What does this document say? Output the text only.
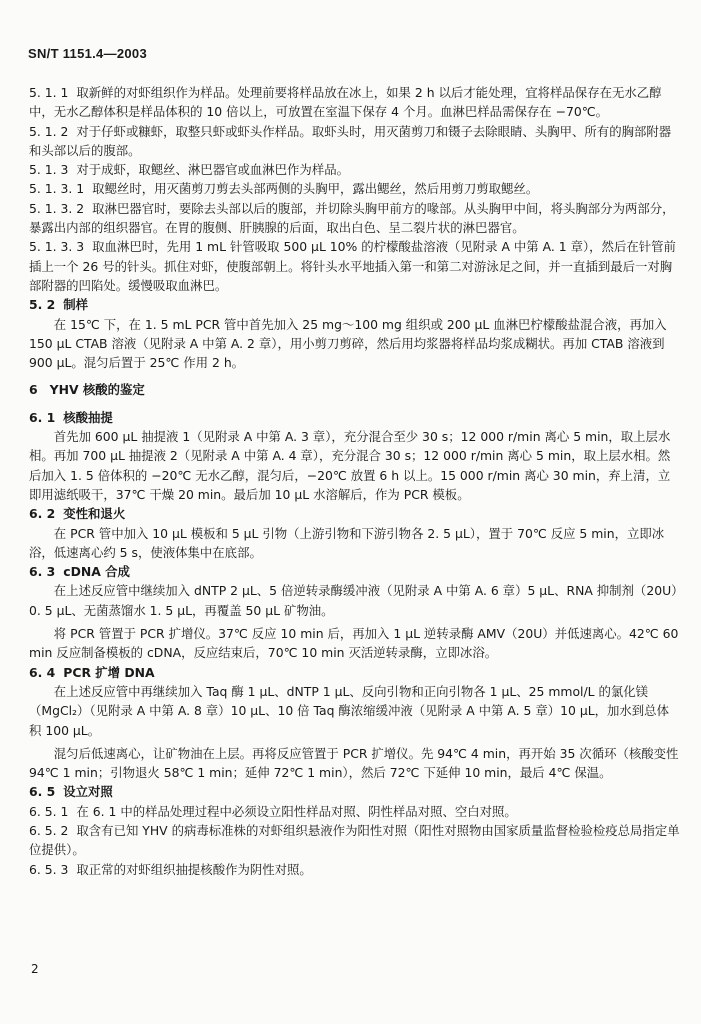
SN/T 1151.4—2003

5. 1. 1 取新鲜的对虾组织作为样品。处理前要将样品放在冰上，如果 2 h 以后才能处理，宜将样品保存在无水乙醇中，无水乙醇体积是样品体积的 10 倍以上，可放置在室温下保存 4 个月。血淋巴样品需保存在 −70℃。

5. 1. 2 对于仔虾或糠虾，取整只虾或虾头作样品。取虾头时，用灭菌剪刀和镊子去除眼睛、头胸甲、所有的胸部附器和头部以后的腹部。

5. 1. 3 对于成虾，取鳃丝、淋巴器官或血淋巴作为样品。

5. 1. 3. 1 取鳃丝时，用灭菌剪刀剪去头部两侧的头胸甲，露出鳃丝，然后用剪刀剪取鳃丝。

5. 1. 3. 2 取淋巴器官时，要除去头部以后的腹部，并切除头胸甲前方的喙部。从头胸甲中间，将头胸部分为两部分，暴露出内部的组织器官。在胃的腹侧、肝胰腺的后面，取出白色、呈二裂片状的淋巴器官。

5. 1. 3. 3 取血淋巴时，先用 1 mL 针管吸取 500 µL 10% 的柠檬酸盐溶液（见附录 A 中第 A. 1 章），然后在针管前插上一个 26 号的针头。抓住对虾，使腹部朝上。将针头水平地插入第一和第二对游泳足之间，并一直插到最后一对胸部附器的凹陷处。缓慢吸取血淋巴。

5. 2 制样

在 15℃ 下，在 1. 5 mL PCR 管中首先加入 25 mg～100 mg 组织或 200 µL 血淋巴柠檬酸盐混合液，再加入 150 µL CTAB 溶液（见附录 A 中第 A. 2 章），用小剪刀剪碎，然后用均浆器将样品均浆成糊状。再加 CTAB 溶液到 900 µL。混匀后置于 25℃ 作用 2 h。

6 YHV 核酸的鉴定

6. 1 核酸抽提

首先加 600 µL 抽提液 1（见附录 A 中第 A. 3 章），充分混合至少 30 s；12 000 r/min 离心 5 min，取上层水相。再加 700 µL 抽提液 2（见附录 A 中第 A. 4 章），充分混合 30 s；12 000 r/min 离心 5 min，取上层水相。然后加入 1. 5 倍体积的 −20℃ 无水乙醇，混匀后，−20℃ 放置 6 h 以上。15 000 r/min 离心 30 min，弃上清，立即用滤纸吸干，37℃ 干燥 20 min。最后加 10 µL 水溶解后，作为 PCR 模板。

6. 2 变性和退火

在 PCR 管中加入 10 µL 模板和 5 µL 引物（上游引物和下游引物各 2. 5 µL），置于 70℃ 反应 5 min，立即冰浴，低速离心约 5 s，使液体集中在底部。

6. 3 cDNA 合成

在上述反应管中继续加入 dNTP 2 µL、5 倍逆转录酶缓冲液（见附录 A 中第 A. 6 章）5 µL、RNA 抑制剂（20U）0. 5 µL、无菌蒸馏水 1. 5 µL，再覆盖 50 µL 矿物油。

将 PCR 管置于 PCR 扩增仪。37℃ 反应 10 min 后，再加入 1 µL 逆转录酶 AMV（20U）并低速离心。42℃ 60 min 反应制备模板的 cDNA，反应结束后，70℃ 10 min 灭活逆转录酶，立即冰浴。

6. 4 PCR 扩增 DNA

在上述反应管中再继续加入 Taq 酶 1 µL、dNTP 1 µL、反向引物和正向引物各 1 µL、25 mmol/L 的氯化镁（MgCl₂）（见附录 A 中第 A. 8 章）10 µL、10 倍 Taq 酶浓缩缓冲液（见附录 A 中第 A. 5 章）10 µL，加水到总体积 100 µL。

混匀后低速离心，让矿物油在上层。再将反应管置于 PCR 扩增仪。先 94℃ 4 min，再开始 35 次循环（核酸变性 94℃ 1 min；引物退火 58℃ 1 min；延伸 72℃ 1 min），然后 72℃ 下延伸 10 min，最后 4℃ 保温。

6. 5 设立对照

6. 5. 1 在 6. 1 中的样品处理过程中必须设立阳性样品对照、阴性样品对照、空白对照。

6. 5. 2 取含有已知 YHV 的病毒标准株的对虾组织悬液作为阳性对照（阳性对照物由国家质量监督检验检疫总局指定单位提供）。

6. 5. 3 取正常的对虾组织抽提核酸作为阴性对照。

2
